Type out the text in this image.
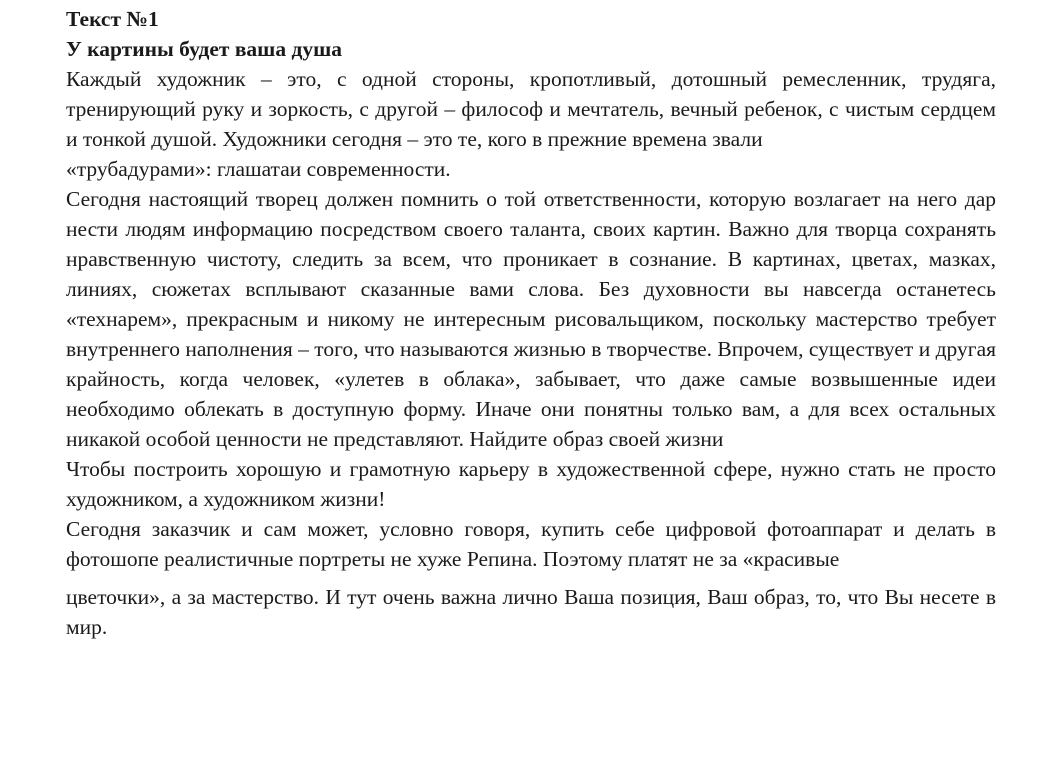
Текст №1

У картины будет ваша душа

Каждый художник – это, с одной стороны, кропотливый, дотошный ремесленник, трудяга, тренирующий руку и зоркость, с другой – философ и мечтатель, вечный ребенок, с чистым сердцем и тонкой душой. Художники сегодня – это те, кого в прежние времена звали

«трубадурами»: глашатаи современности.

Сегодня настоящий творец должен помнить о той ответственности, которую возлагает на него дар нести людям информацию посредством своего таланта, своих картин. Важно для творца сохранять нравственную чистоту, следить за всем, что проникает в сознание. В картинах, цветах, мазках, линиях, сюжетах всплывают сказанные вами слова. Без духовности вы навсегда останетесь «технарем», прекрасным и никому не интересным рисовальщиком, поскольку мастерство требует внутреннего наполнения – того, что называются жизнью в творчестве. Впрочем, существует и другая крайность, когда человек, «улетев в облака», забывает, что даже самые возвышенные идеи необходимо облекать в доступную форму. Иначе они понятны только вам, а для всех остальных никакой особой ценности не представляют. Найдите образ своей жизни

Чтобы построить хорошую и грамотную карьеру в художественной сфере, нужно стать не просто художником, а художником жизни!

Сегодня заказчик и сам может, условно говоря, купить себе цифровой фотоаппарат и делать в фотошопе реалистичные портреты не хуже Репина. Поэтому платят не за «красивые

цветочки», а за мастерство. И тут очень важна лично Ваша позиция, Ваш образ, то, что Вы несете в мир.
